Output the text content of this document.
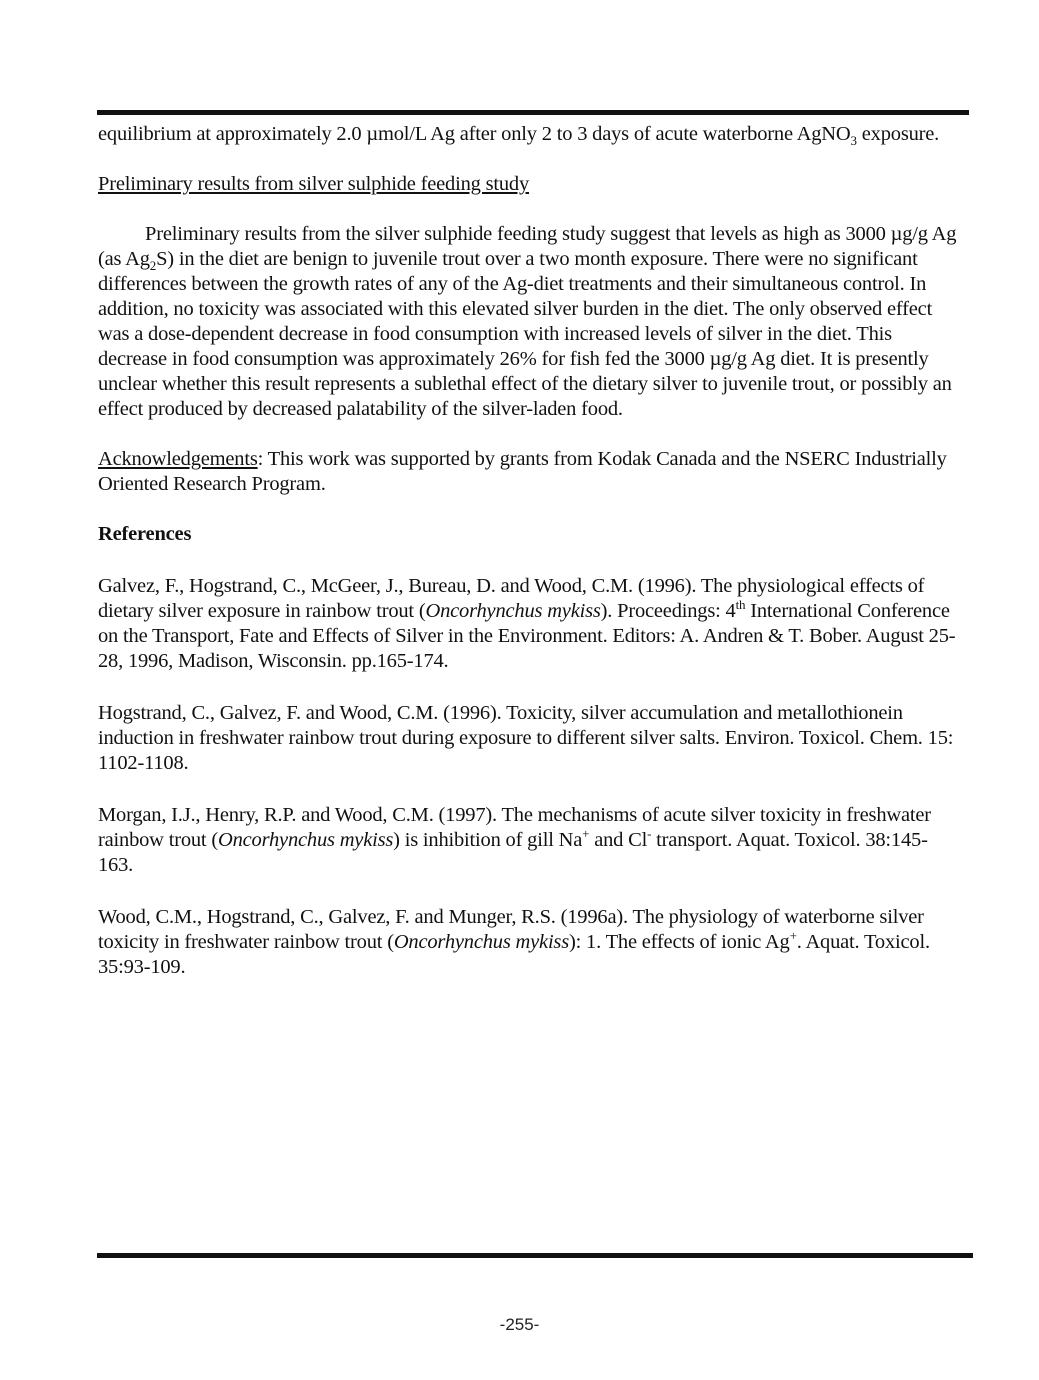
equilibrium at approximately 2.0 µmol/L Ag after only 2 to 3 days of acute waterborne AgNO$_3$ exposure.

Preliminary results from silver sulphide feeding study

Preliminary results from the silver sulphide feeding study suggest that levels as high as 3000 µg/g Ag (as $Ag_2S$) in the diet are benign to juvenile trout over a two month exposure. There were no significant differences between the growth rates of any of the Ag-diet treatments and their simultaneous control. In addition, no toxicity was associated with this elevated silver burden in the diet. The only observed effect was a dose-dependent decrease in food consumption with increased levels of silver in the diet. This decrease in food consumption was approximately 26% for fish fed the 3000 µg/g Ag diet. It is presently unclear whether this result represents a sublethal effect of the dietary silver to juvenile trout, or possibly an effect produced by decreased palatability of the silver-laden food.

Acknowledgements: This work was supported by grants from Kodak Canada and the NSERC Industrially Oriented Research Program.

References

Galvez, F., Hogstrand, C., McGeer, J., Bureau, D. and Wood, C.M. (1996). The physiological effects of dietary silver exposure in rainbow trout (Oncorhynchus mykiss). Proceedings: 4th International Conference on the Transport, Fate and Effects of Silver in the Environment. Editors: A. Andren & T. Bober. August 25-28, 1996, Madison, Wisconsin. pp.165-174.

Hogstrand, C., Galvez, F. and Wood, C.M. (1996). Toxicity, silver accumulation and metallothionein induction in freshwater rainbow trout during exposure to different silver salts. Environ. Toxicol. Chem. 15: 1102-1108.

Morgan, I.J., Henry, R.P. and Wood, C.M. (1997). The mechanisms of acute silver toxicity in freshwater rainbow trout (Oncorhynchus mykiss) is inhibition of gill Na+ and Cl- transport. Aquat. Toxicol. 38:145-163.

Wood, C.M., Hogstrand, C., Galvez, F. and Munger, R.S. (1996a). The physiology of waterborne silver toxicity in freshwater rainbow trout (Oncorhynchus mykiss): 1. The effects of ionic Ag+. Aquat. Toxicol. 35:93-109.

-255-
